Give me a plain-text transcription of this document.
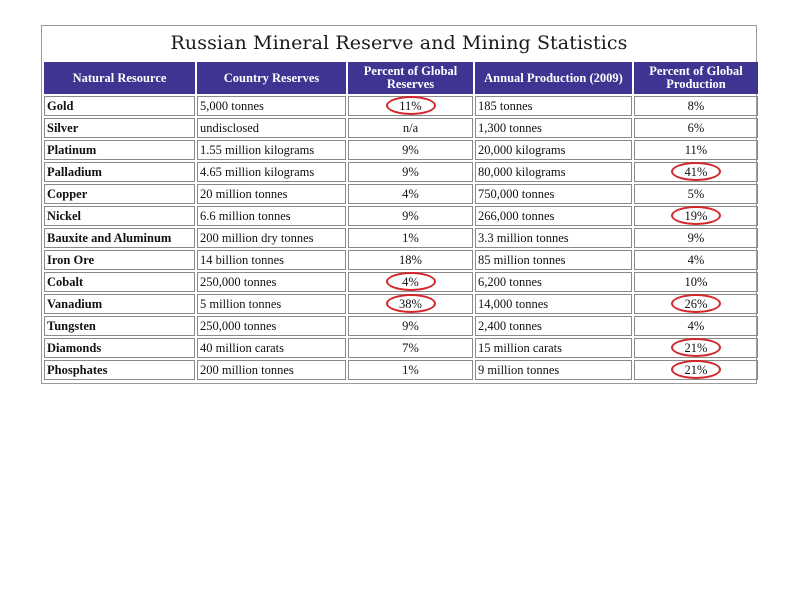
Russian Mineral Reserve and Mining Statistics
Natural Resource	Country Reserves	Percent of Global Reserves	Annual Production (2009)	Percent of Global Production
Gold	5,000 tonnes	11%	185 tonnes	8%
Silver	undisclosed	n/a	1,300 tonnes	6%
Platinum	1.55 million kilograms	9%	20,000 kilograms	11%
Palladium	4.65 million kilograms	9%	80,000 kilograms	41%

Copper	20 million tonnes	4%	750,000 tonnes	5%
Nickel	6.6 million tonnes	9%	266,000 tonnes	19%

Bauxite and Aluminum	200 million dry tonnes	1%	3.3 million tonnes	9%
Iron Ore	14 billion tonnes	18%	85 million tonnes	4%
Cobalt	250,000 tonnes	4%	6,200 tonnes	10%
Vanadium	5 million tonnes	38%	14,000 tonnes	26%

Tungsten	250,000 tonnes	9%	2,400 tonnes	4%
Diamonds	40 million carats	7%	15 million carats	21%

Phosphates	200 million tonnes	1%	9 million tonnes	21%
